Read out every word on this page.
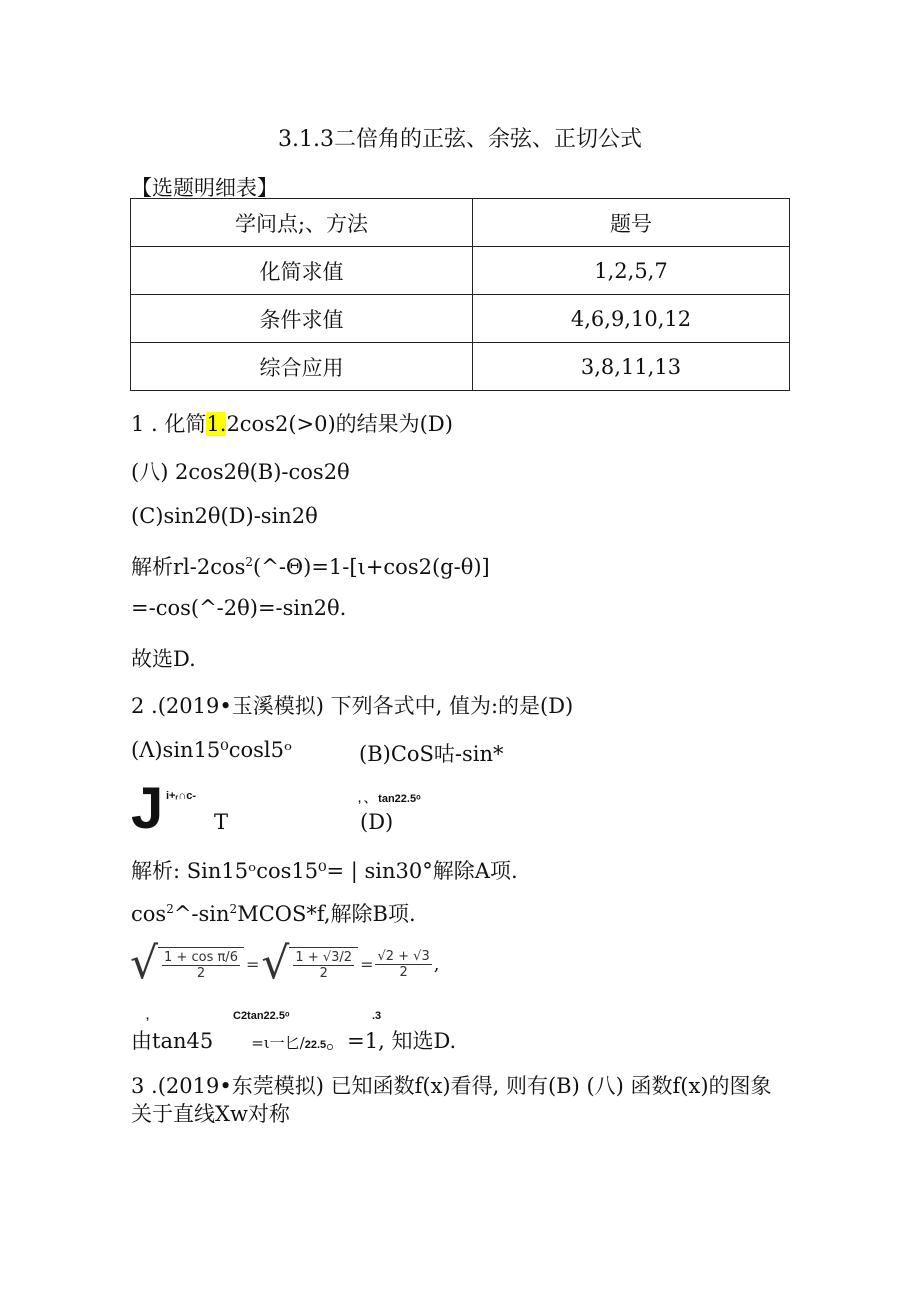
3.1.3二倍角的正弦、余弦、正切公式
【选题明细表】
学问点;、方法	题号
化简求值	1,2,5,7
条件求值	4,6,9,10,12
综合应用	3,8,11,13
1 . 化简1.2cos2(>0)的结果为(D)
(八) 2cos2θ(B)-cos2θ
(C)sin2θ(D)-sin2θ
解析$rl-2\cos^2(\^{}-\Theta)=1-[\iota+\cos 2(g-\theta)]$
=-cos(^-2θ)=-sin2θ.
故选D.
2 .(2019•玉溪模拟) 下列各式中, 值为:的是(D)
(Λ)sin15⁰cosl5ᵒ	(B)CoS咕-sin*
J i+ᵣ∩c-
T
, 、 tan22.5ᵒ
(D)
解析: Sin15ᵒcos15⁰= | sin30°解除A项.
$\cos^2\^{}-\sin^2MCOS*f$,解除B项.
√ $\frac{\text{1 + cos π/6}}{2}$ = √ $\frac{1 + √3/2}{2} = \frac{√2 + √3}{2}$ ,
,	C2tan22.5ᵒ	.3
由tan45	=ι一匕/22.5。=1, 知选D.
3 .(2019•东莞模拟) 已知函数f(x)看得, 则有(B) (八) 函数f(x)的图象
关于直线Xw对称
